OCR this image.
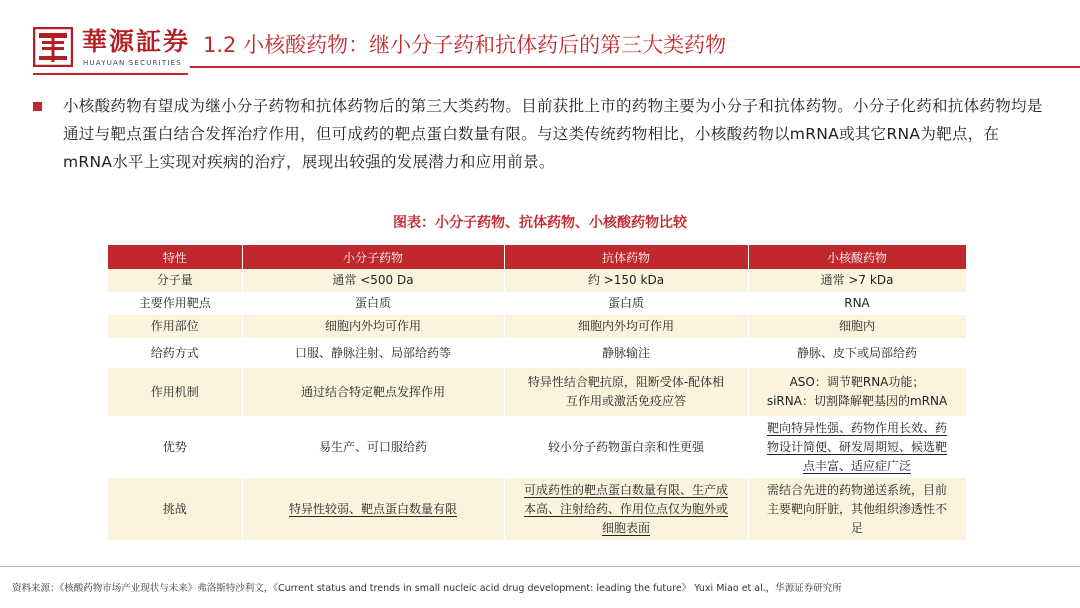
華源証券
HUAYUAN SECURITIES
1.2 小核酸药物：继小分子药和抗体药后的第三大类药物
小核酸药物有望成为继小分子药物和抗体药物后的第三大类药物。目前获批上市的药物主要为小分子和抗体药物。小分子化药和抗体药物均是通过与靶点蛋白结合发挥治疗作用，但可成药的靶点蛋白数量有限。与这类传统药物相比，小核酸药物以mRNA或其它RNA为靶点，在mRNA水平上实现对疾病的治疗，展现出较强的发展潜力和应用前景。
图表：小分子药物、抗体药物、小核酸药物比较
特性	小分子药物	抗体药物	小核酸药物
分子量	通常 <500 Da	约 >150 kDa	通常 >7 kDa
主要作用靶点	蛋白质	蛋白质	RNA
作用部位	细胞内外均可作用	细胞内外均可作用	细胞内
给药方式	口服、静脉注射、局部给药等	静脉输注	静脉、皮下或局部给药
作用机制	通过结合特定靶点发挥作用	特异性结合靶抗原，阻断受体-配体相互作用或激活免疫应答	ASO：调节靶RNA功能；siRNA：切割降解靶基因的mRNA
优势	易生产、可口服给药	较小分子药物蛋白亲和性更强	靶向特异性强、药物作用长效、药物设计简便、研发周期短、候选靶点丰富、适应症广泛
挑战	特异性较弱、靶点蛋白数量有限	可成药性的靶点蛋白数量有限、生产成本高、注射给药、作用位点仅为胞外或细胞表面	需结合先进的药物递送系统，目前主要靶向肝脏，其他组织渗透性不足
资料来源：《核酸药物市场产业现状与未来》弗洛斯特沙利文，《Current status and trends in small nucleic acid drug development: leading the future》 Yuxi Miao et al.，华源证券研究所
